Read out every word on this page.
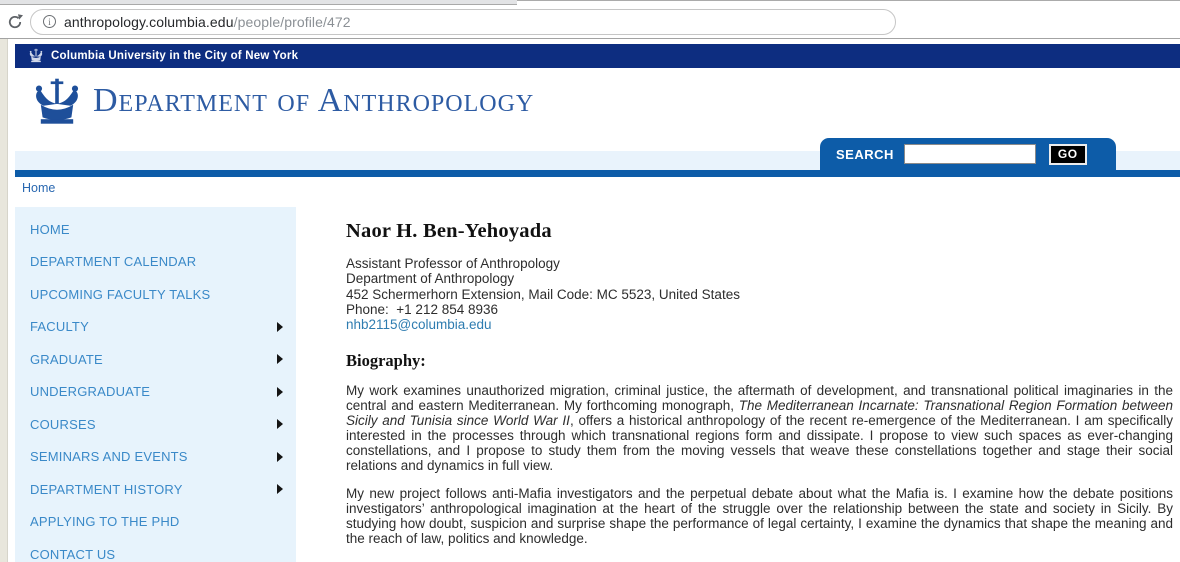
i anthropology.columbia.edu/people/profile/472
Columbia University in the City of New York
Department of Anthropology
SEARCH	GO
Home
HOME
DEPARTMENT CALENDAR
UPCOMING FACULTY TALKS
FACULTY
GRADUATE
UNDERGRADUATE
COURSES
SEMINARS AND EVENTS
DEPARTMENT HISTORY
APPLYING TO THE PHD
CONTACT US
Naor H. Ben-Yehoyada
Assistant Professor of Anthropology
Department of Anthropology
452 Schermerhorn Extension, Mail Code: MC 5523, United States
Phone:  +1 212 854 8936
nhb2115@columbia.edu
Biography:

My work examines unauthorized migration, criminal justice, the aftermath of development, and transnational political imaginaries in the central and eastern Mediterranean. My forthcoming monograph, The Mediterranean Incarnate: Transnational Region Formation between Sicily and Tunisia since World War II, offers a historical anthropology of the recent re-emergence of the Mediterranean. I am specifically interested in the processes through which transnational regions form and dissipate. I propose to view such spaces as ever-changing constellations, and I propose to study them from the moving vessels that weave these constellations together and stage their social relations and dynamics in full view.

My new project follows anti-Mafia investigators and the perpetual debate about what the Mafia is. I examine how the debate positions investigators’ anthropological imagination at the heart of the struggle over the relationship between the state and society in Sicily. By studying how doubt, suspicion and surprise shape the performance of legal certainty, I examine the dynamics that shape the meaning and the reach of law, politics and knowledge.
